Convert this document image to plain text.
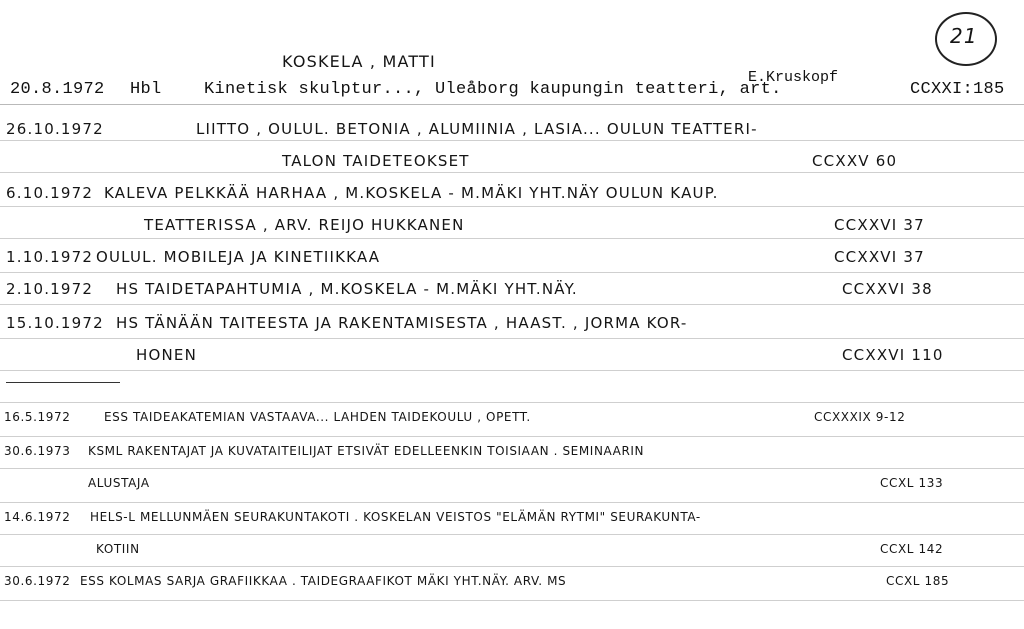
KOSKELA , MATTI
21
20.8.1972 Hbl Kinetisk skulptur..., Uleåborg kaupungin teatteri, art.
E.Kruskopf
CCXXI:185
26.10.1972	LIITTO , OULUL. BETONIA , ALUMIINIA , LASIA... OULUN TEATTERI-
TALON TAIDETEOKSET	CCXXV 60
6.10.1972 KALEVA PELKKÄÄ HARHAA , M.KOSKELA - M.MÄKI YHT.NÄY OULUN KAUP.
TEATTERISSA , ARV. REIJO HUKKANEN	CCXXVI 37
1.10.1972 OULUL. MOBILEJA JA KINETIIKKAA	CCXXVI 37
2.10.1972 HS TAIDETAPAHTUMIA , M.KOSKELA - M.MÄKI YHT.NÄY.	CCXXVI 38
15.10.1972 HS TÄNÄÄN TAITEESTA JA RAKENTAMISESTA , HAAST. , JORMA KOR-
HONEN	CCXXVI 110
16.5.1972	ESS TAIDEAKATEMIAN VASTAAVA... LAHDEN TAIDEKOULU , OPETT.	CCXXXIX 9-12
30.6.1973 KSML RAKENTAJAT JA KUVATAITEILIJAT ETSIVÄT EDELLEENKIN TOISIAAN . SEMINAARIN
ALUSTAJA	CCXL 133
14.6.1972 HELS-L MELLUNMÄEN SEURAKUNTAKOTI . KOSKELAN VEISTOS "ELÄMÄN RYTMI" SEURAKUNTA-
KOTIIN	CCXL 142
30.6.1972 ESS KOLMAS SARJA GRAFIIKKAA . TAIDEGRAAFIKOT MÄKI YHT.NÄY. ARV. MS	CCXL 185
